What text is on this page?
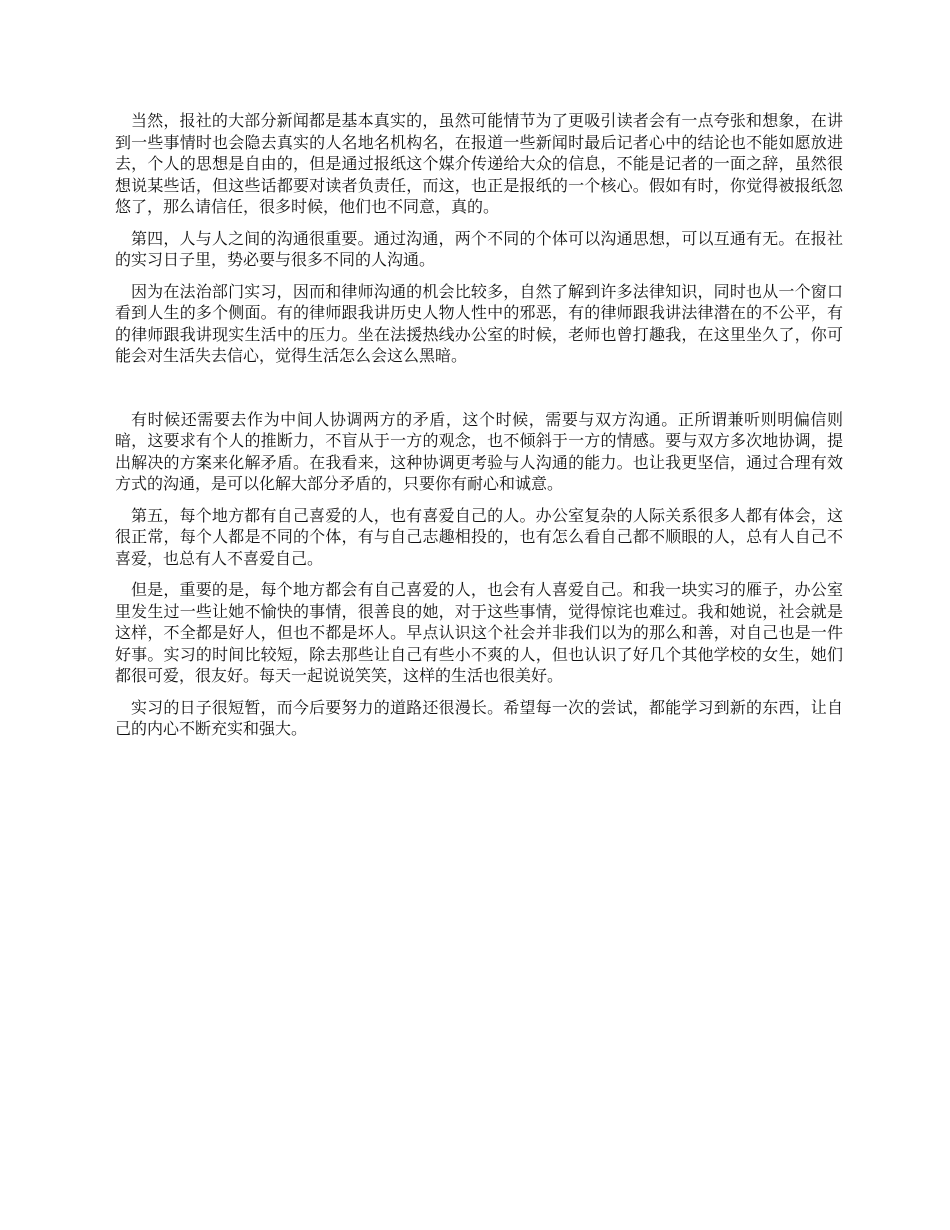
当然，报社的大部分新闻都是基本真实的，虽然可能情节为了更吸引读者会有一点夸张和想象，在讲到一些事情时也会隐去真实的人名地名机构名，在报道一些新闻时最后记者心中的结论也不能如愿放进去，个人的思想是自由的，但是通过报纸这个媒介传递给大众的信息，不能是记者的一面之辞，虽然很想说某些话，但这些话都要对读者负责任，而这，也正是报纸的一个核心。假如有时，你觉得被报纸忽悠了，那么请信任，很多时候，他们也不同意，真的。

第四，人与人之间的沟通很重要。通过沟通，两个不同的个体可以沟通思想，可以互通有无。在报社的实习日子里，势必要与很多不同的人沟通。

因为在法治部门实习，因而和律师沟通的机会比较多，自然了解到许多法律知识，同时也从一个窗口看到人生的多个侧面。有的律师跟我讲历史人物人性中的邪恶，有的律师跟我讲法律潜在的不公平，有的律师跟我讲现实生活中的压力。坐在法援热线办公室的时候，老师也曾打趣我，在这里坐久了，你可能会对生活失去信心，觉得生活怎么会这么黑暗。

有时候还需要去作为中间人协调两方的矛盾，这个时候，需要与双方沟通。正所谓兼听则明偏信则暗，这要求有个人的推断力，不盲从于一方的观念，也不倾斜于一方的情感。要与双方多次地协调，提出解决的方案来化解矛盾。在我看来，这种协调更考验与人沟通的能力。也让我更坚信，通过合理有效方式的沟通，是可以化解大部分矛盾的，只要你有耐心和诚意。

第五，每个地方都有自己喜爱的人，也有喜爱自己的人。办公室复杂的人际关系很多人都有体会，这很正常，每个人都是不同的个体，有与自己志趣相投的，也有怎么看自己都不顺眼的人，总有人自己不喜爱，也总有人不喜爱自己。

但是，重要的是，每个地方都会有自己喜爱的人，也会有人喜爱自己。和我一块实习的雁子，办公室里发生过一些让她不愉快的事情，很善良的她，对于这些事情，觉得惊诧也难过。我和她说，社会就是这样，不全都是好人，但也不都是坏人。早点认识这个社会并非我们以为的那么和善，对自己也是一件好事。实习的时间比较短，除去那些让自己有些小不爽的人，但也认识了好几个其他学校的女生，她们都很可爱，很友好。每天一起说说笑笑，这样的生活也很美好。

实习的日子很短暂，而今后要努力的道路还很漫长。希望每一次的尝试，都能学习到新的东西，让自己的内心不断充实和强大。
